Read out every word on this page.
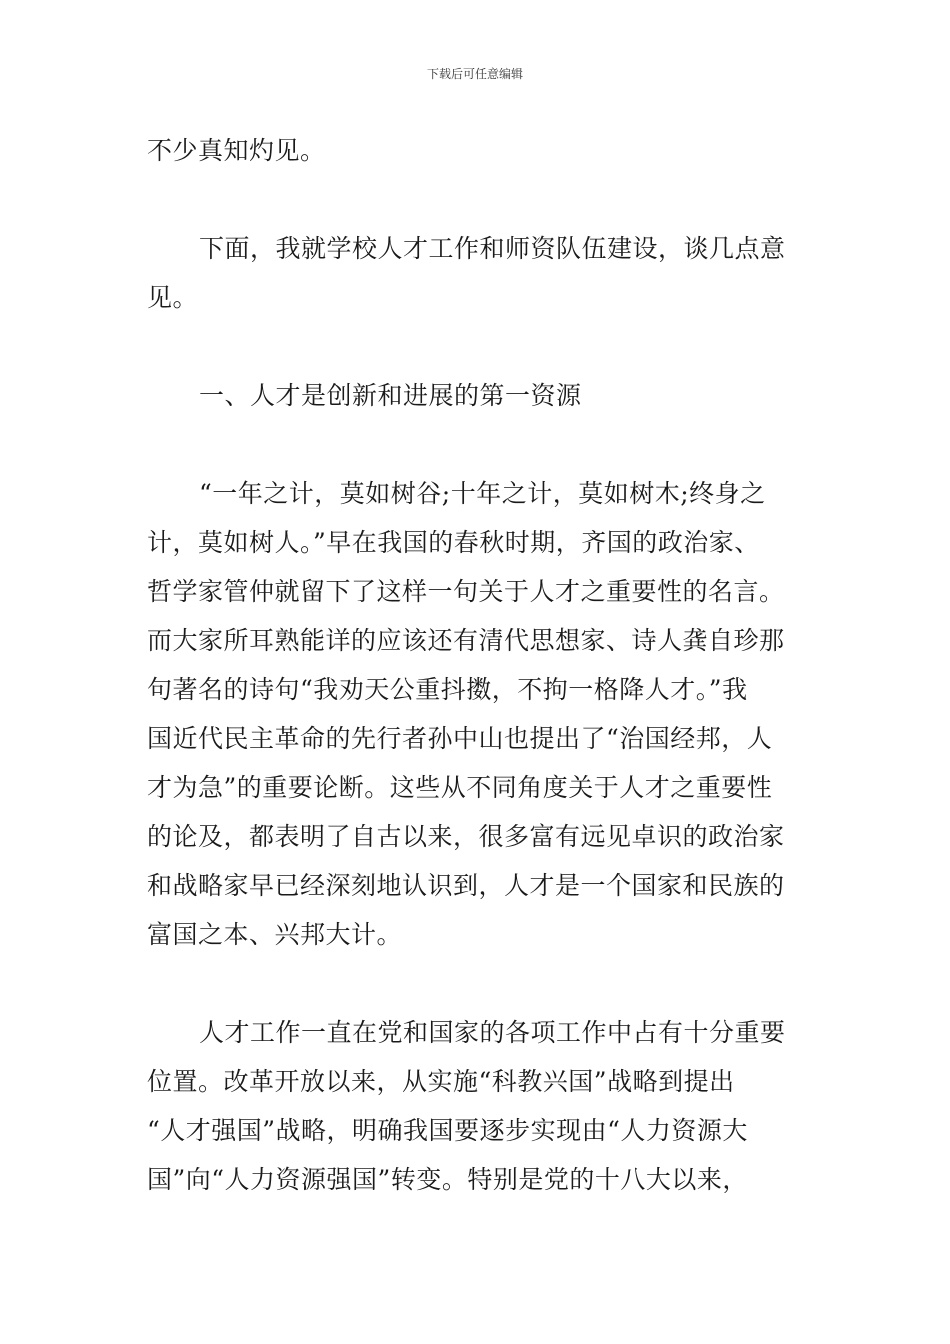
下载后可任意编辑
不少真知灼见。
下面，我就学校人才工作和师资队伍建设，谈几点意
见。
一、人才是创新和进展的第一资源
“一年之计，莫如树谷;十年之计，莫如树木;终身之
计，莫如树人。”早在我国的春秋时期，齐国的政治家、
哲学家管仲就留下了这样一句关于人才之重要性的名言。
而大家所耳熟能详的应该还有清代思想家、诗人龚自珍那
句著名的诗句“我劝天公重抖擞，不拘一格降人才。”我
国近代民主革命的先行者孙中山也提出了“治国经邦，人
才为急”的重要论断。这些从不同角度关于人才之重要性
的论及，都表明了自古以来，很多富有远见卓识的政治家
和战略家早已经深刻地认识到，人才是一个国家和民族的
富国之本、兴邦大计。
人才工作一直在党和国家的各项工作中占有十分重要
位置。改革开放以来，从实施“科教兴国”战略到提出
“人才强国”战略，明确我国要逐步实现由“人力资源大
国”向“人力资源强国”转变。特别是党的十八大以来，
